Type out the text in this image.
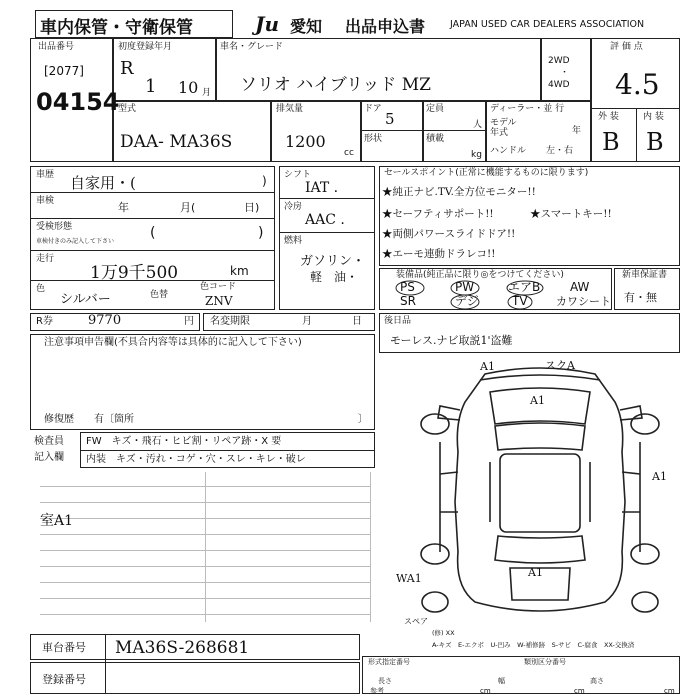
車内保管・守衛保管	Ju 愛知 出品申込書	JAPAN USED CAR DEALERS ASSOCIATION
出品番号
[2077]
04154
初度登録年月
R
1 10 月
車名・グレード
ソリオ ハイブリッド MZ
2WD
・
4WD
評 価 点
4.5
外 装	内 装
B B
型式
DAA- MA36S
排気量
1200
cc
ドア
5
形状
定員
人
積載
kg
ディーラー・並 行
モデル
年式	年
ハンドル 左・右
車歴 自家用・(	)
車検	年	月(	日)
受検形態
車検付きのみ記入して下さい
(	)
走行
1万9千500	km
色
シルバー	色替
色コード
ZNV
シフト
IAT .
冷房
AAC .
燃料
ガソリン・
軽　油・
セールスポイント(正常に機能するものに限ります)
★純正ナビ.TV.全方位モニター!!
★セーフティサポート!!	★スマートキー!!
★両側パワースライドドア!!
★エーモ連動ドラレコ!!
装備品(純正品に限り◎をつけてください)
PS	PW	エアB AW
SR	デジ	TV	カワシート
新車保証書
有・無
R券	9770	円 名変期限	月	日
注意事項申告欄(不具合内容等は具体的に記入して下さい)
修復歴　　有〔箇所	〕
後日品
モーレス.ナビ取説1'盗難
検査員
記入欄
FW　キズ・飛石・ヒビ割・リペア跡・X 要
内装　キズ・汚れ・コゲ・穴・スレ・キレ・破レ
室A1
A1	スクA
A1
A1
WA1	A1
スペア
A-キズ　E-エクボ　U-凹み　W-補修跡　S-サビ　C-腐食　XX-交換済
(修) XX
車台番号 MA36S-268681
登録番号
形式指定番号	類別区分番号
長さ	幅	高さ
参考	cm	cm	cm
